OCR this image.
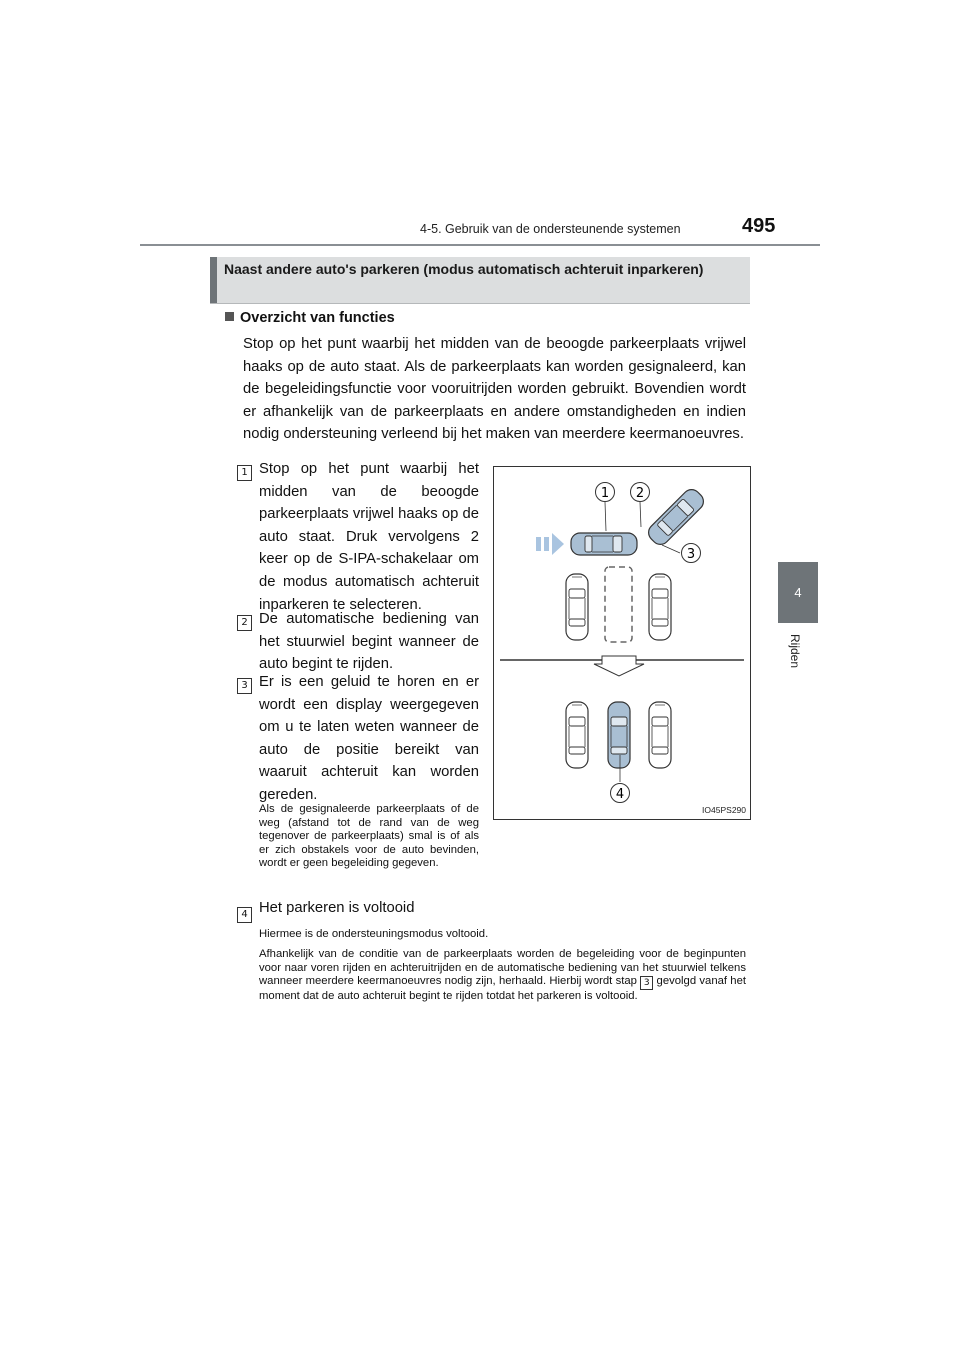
4-5. Gebruik van de ondersteunende systemen	495
4
Rijden
Naast andere auto's parkeren (modus automatisch achteruit inparkeren)
Overzicht van functies
Stop op het punt waarbij het midden van de beoogde parkeerplaats vrijwel haaks op de auto staat. Als de parkeerplaats kan worden gesignaleerd, kan de begeleidingsfunctie voor vooruitrijden worden gebruikt. Bovendien wordt er afhankelijk van de parkeerplaats en andere omstandigheden en indien nodig ondersteuning verleend bij het maken van meerdere keermanoeuvres.
1 Stop op het punt waarbij het midden van de beoogde parkeerplaats vrijwel haaks op de auto staat. Druk vervolgens 2 keer op de S-IPA-schakelaar om de modus automatisch achteruit inparkeren te selecteren.
2 De automatische bediening van het stuurwiel begint wanneer de auto begint te rijden.
3 Er is een geluid te horen en er wordt een display weergegeven om u te laten weten wanneer de auto de positie bereikt van waaruit achteruit kan worden gereden.
Als de gesignaleerde parkeerplaats of de weg (afstand tot de rand van de weg tegenover de parkeerplaats) smal is of als er zich obstakels voor de auto bevinden, wordt er geen begeleiding gegeven.
4 Het parkeren is voltooid
Hiermee is de ondersteuningsmodus voltooid.
Afhankelijk van de conditie van de parkeerplaats worden de begeleiding voor de beginpunten voor naar voren rijden en achteruitrijden en de automatische bediening van het stuurwiel telkens wanneer meerdere keermanoeuvres nodig zijn, herhaald. Hierbij wordt stap 3 gevolgd vanaf het moment dat de auto achteruit begint te rijden totdat het parkeren is voltooid.
1 2
3
4
IO45PS290
